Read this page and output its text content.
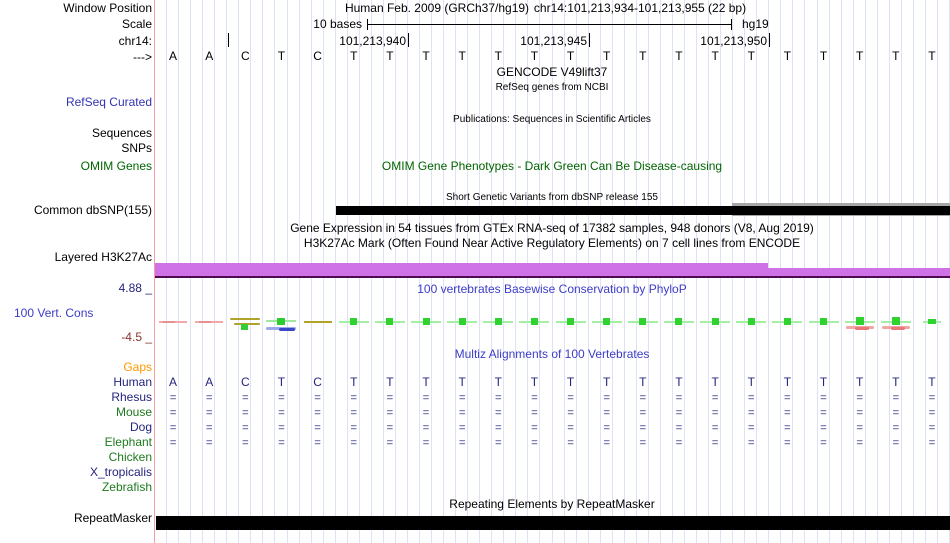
Window Position	Human Feb. 2009 (GRCh37/hg19) chr14:101,213,934-101,213,955 (22 bp)
Scale	10 bases	hg19
chr14:	101,213,940	101,213,945	101,213,950
---> A A C T C T T T T T T T T T T T T T T T T T
GENCODE V49lift37
RefSeq genes from NCBI
RefSeq Curated
Publications: Sequences in Scientific Articles
Sequences
SNPs
OMIM Gene Phenotypes - Dark Green Can Be Disease-causing
OMIM Genes
Short Genetic Variants from dbSNP release 155
Common dbSNP(155)
Gene Expression in 54 tissues from GTEx RNA-seq of 17382 samples, 948 donors (V8, Aug 2019)
H3K27Ac Mark (Often Found Near Active Regulatory Elements) on 7 cell lines from ENCODE
Layered H3K27Ac
100 vertebrates Basewise Conservation by PhyloP
4.88 _
100 Vert. Cons
-4.5 _
Multiz Alignments of 100 Vertebrates
Gaps
Human A A C T C T T T T T T T T T T T T T T T T T
Rhesus =	=	=	=	=	=	=	=	=	=	=	=	=	=	=	=	=	=	=	=	=	=
Mouse =	=	=	=	=	=	=	=	=	=	=	=	=	=	=	=	=	=	=	=	=	=
Dog =	=	=	=	=	=	=	=	=	=	=	=	=	=	=	=	=	=	=	=	=	=
Elephant =	=	=	=	=	=	=	=	=	=	=	=	=	=	=	=	=	=	=	=	=	=
Chicken
X_tropicalis
Zebrafish
Repeating Elements by RepeatMasker
RepeatMasker
